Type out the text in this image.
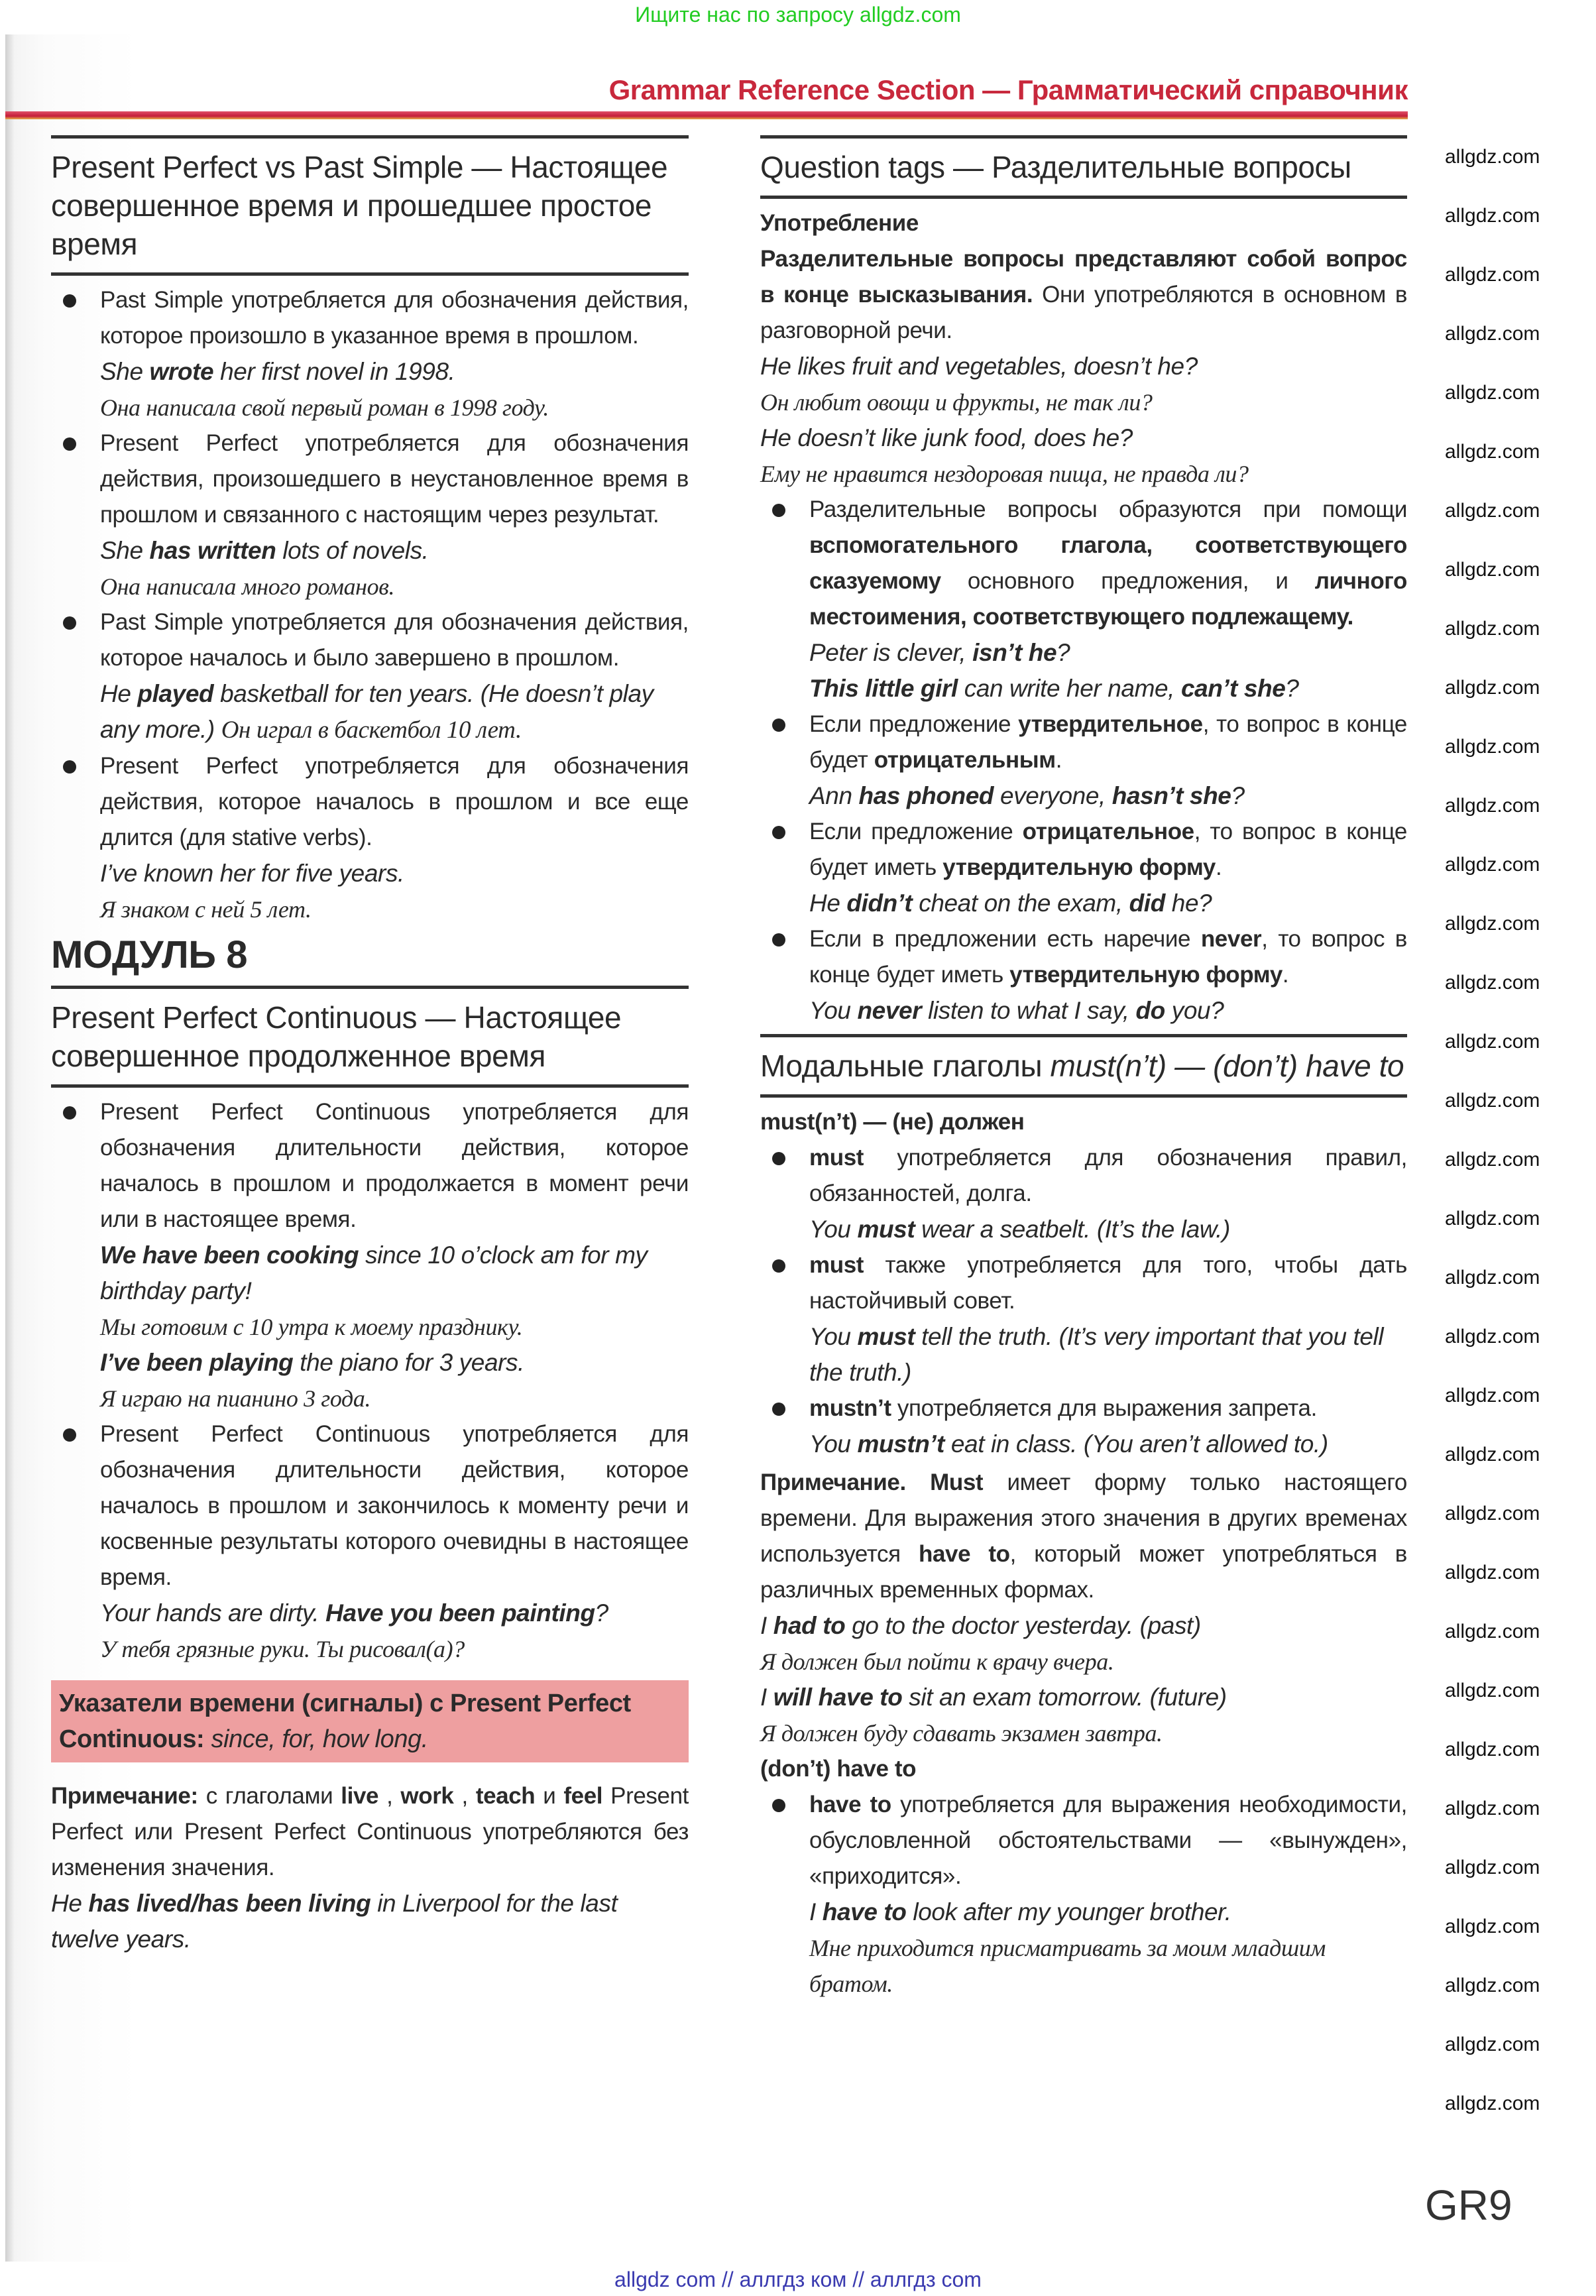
Ищите нас по запросу allgdz.com
Grammar Reference Section — Грамматический справочник
Present Perfect vs Past Simple — Настоящее совершенное время и прошедшее простое время
Past Simple употребляется для обозначения действия, которое произошло в указанное время в прошлом.
She wrote her first novel in 1998.
Она написала свой первый роман в 1998 году.
Present Perfect употребляется для обозначения действия, произошедшего в неустановленное время в прошлом и связанного с настоящим через результат.
She has written lots of novels.
Она написала много романов.
Past Simple употребляется для обозначения действия, которое началось и было завершено в прошлом.
He played basketball for ten years. (He doesn’t play any more.) Он играл в баскетбол 10 лет.
Present Perfect употребляется для обозначения действия, которое началось в прошлом и все еще длится (для stative verbs).
I’ve known her for five years.
Я знаком с ней 5 лет.
МОДУЛЬ 8
Present Perfect Continuous — Настоящее совершенное продолженное время
Present Perfect Continuous употребляется для обозначения длительности действия, которое началось в прошлом и продолжается в момент речи или в настоящее время.
We have been cooking since 10 o’clock am for my birthday party!
Мы готовим с 10 утра к моему празднику.
I’ve been playing the piano for 3 years.
Я играю на пианино 3 года.
Present Perfect Continuous употребляется для обозначения длительности действия, которое началось в прошлом и закончилось к моменту речи и косвенные результаты которого очевидны в настоящее время.
Your hands are dirty. Have you been painting?
У тебя грязные руки. Ты рисовал(а)?
Указатели времени (сигналы) с Present Perfect Continuous: since, for, how long.
Примечание: с глаголами live , work , teach и feel Present Perfect или Present Perfect Continuous употребляются без изменения значения.
He has lived/has been living in Liverpool for the last twelve years.
Question tags — Разделительные вопросы
Употребление
Разделительные вопросы представляют собой вопрос в конце высказывания. Они употребляются в основном в разговорной речи.
He likes fruit and vegetables, doesn’t he?
Он любит овощи и фрукты, не так ли?
He doesn’t like junk food, does he?
Ему не нравится нездоровая пища, не правда ли?
Разделительные вопросы образуются при помощи вспомогательного глагола, соответствующего сказуемому основного предложения, и личного местоимения, соответствующего подлежащему.
Peter is clever, isn’t he?
This little girl can write her name, can’t she?
Если предложение утвердительное, то вопрос в конце будет отрицательным.
Ann has phoned everyone, hasn’t she?
Если предложение отрицательное, то вопрос в конце будет иметь утвердительную форму.
He didn’t cheat on the exam, did he?
Если в предложении есть наречие never, то вопрос в конце будет иметь утвердительную форму.
You never listen to what I say, do you?
Модальные глаголы must(n’t) — (don’t) have to
must(n’t) — (не) должен
must употребляется для обозначения правил, обязанностей, долга.
You must wear a seatbelt. (It’s the law.)
must также употребляется для того, чтобы дать настойчивый совет.
You must tell the truth. (It’s very important that you tell the truth.)
mustn’t употребляется для выражения запрета.
You mustn’t eat in class. (You aren’t allowed to.)
Примечание. Must имеет форму только настоящего времени. Для выражения этого значения в других временах используется have to, который может употребляться в различных временных формах.
I had to go to the doctor yesterday. (past)
Я должен был пойти к врачу вчера.
I will have to sit an exam tomorrow. (future)
Я должен буду сдавать экзамен завтра.
(don’t) have to
have to употребляется для выражения необходимости, обусловленной обстоятельствами — «вынужден», «приходится».
I have to look after my younger brother.
Мне приходится присматривать за моим младшим братом.
GR9
allgdz.com
allgdz.com
allgdz.com
allgdz.com
allgdz.com
allgdz.com
allgdz.com
allgdz.com
allgdz.com
allgdz.com
allgdz.com
allgdz.com
allgdz.com
allgdz.com
allgdz.com
allgdz.com
allgdz.com
allgdz.com
allgdz.com
allgdz.com
allgdz.com
allgdz.com
allgdz.com
allgdz.com
allgdz.com
allgdz.com
allgdz.com
allgdz.com
allgdz.com
allgdz.com
allgdz.com
allgdz.com
allgdz.com
allgdz.com
allgdz com // аллгдз ком // аллгдз com
